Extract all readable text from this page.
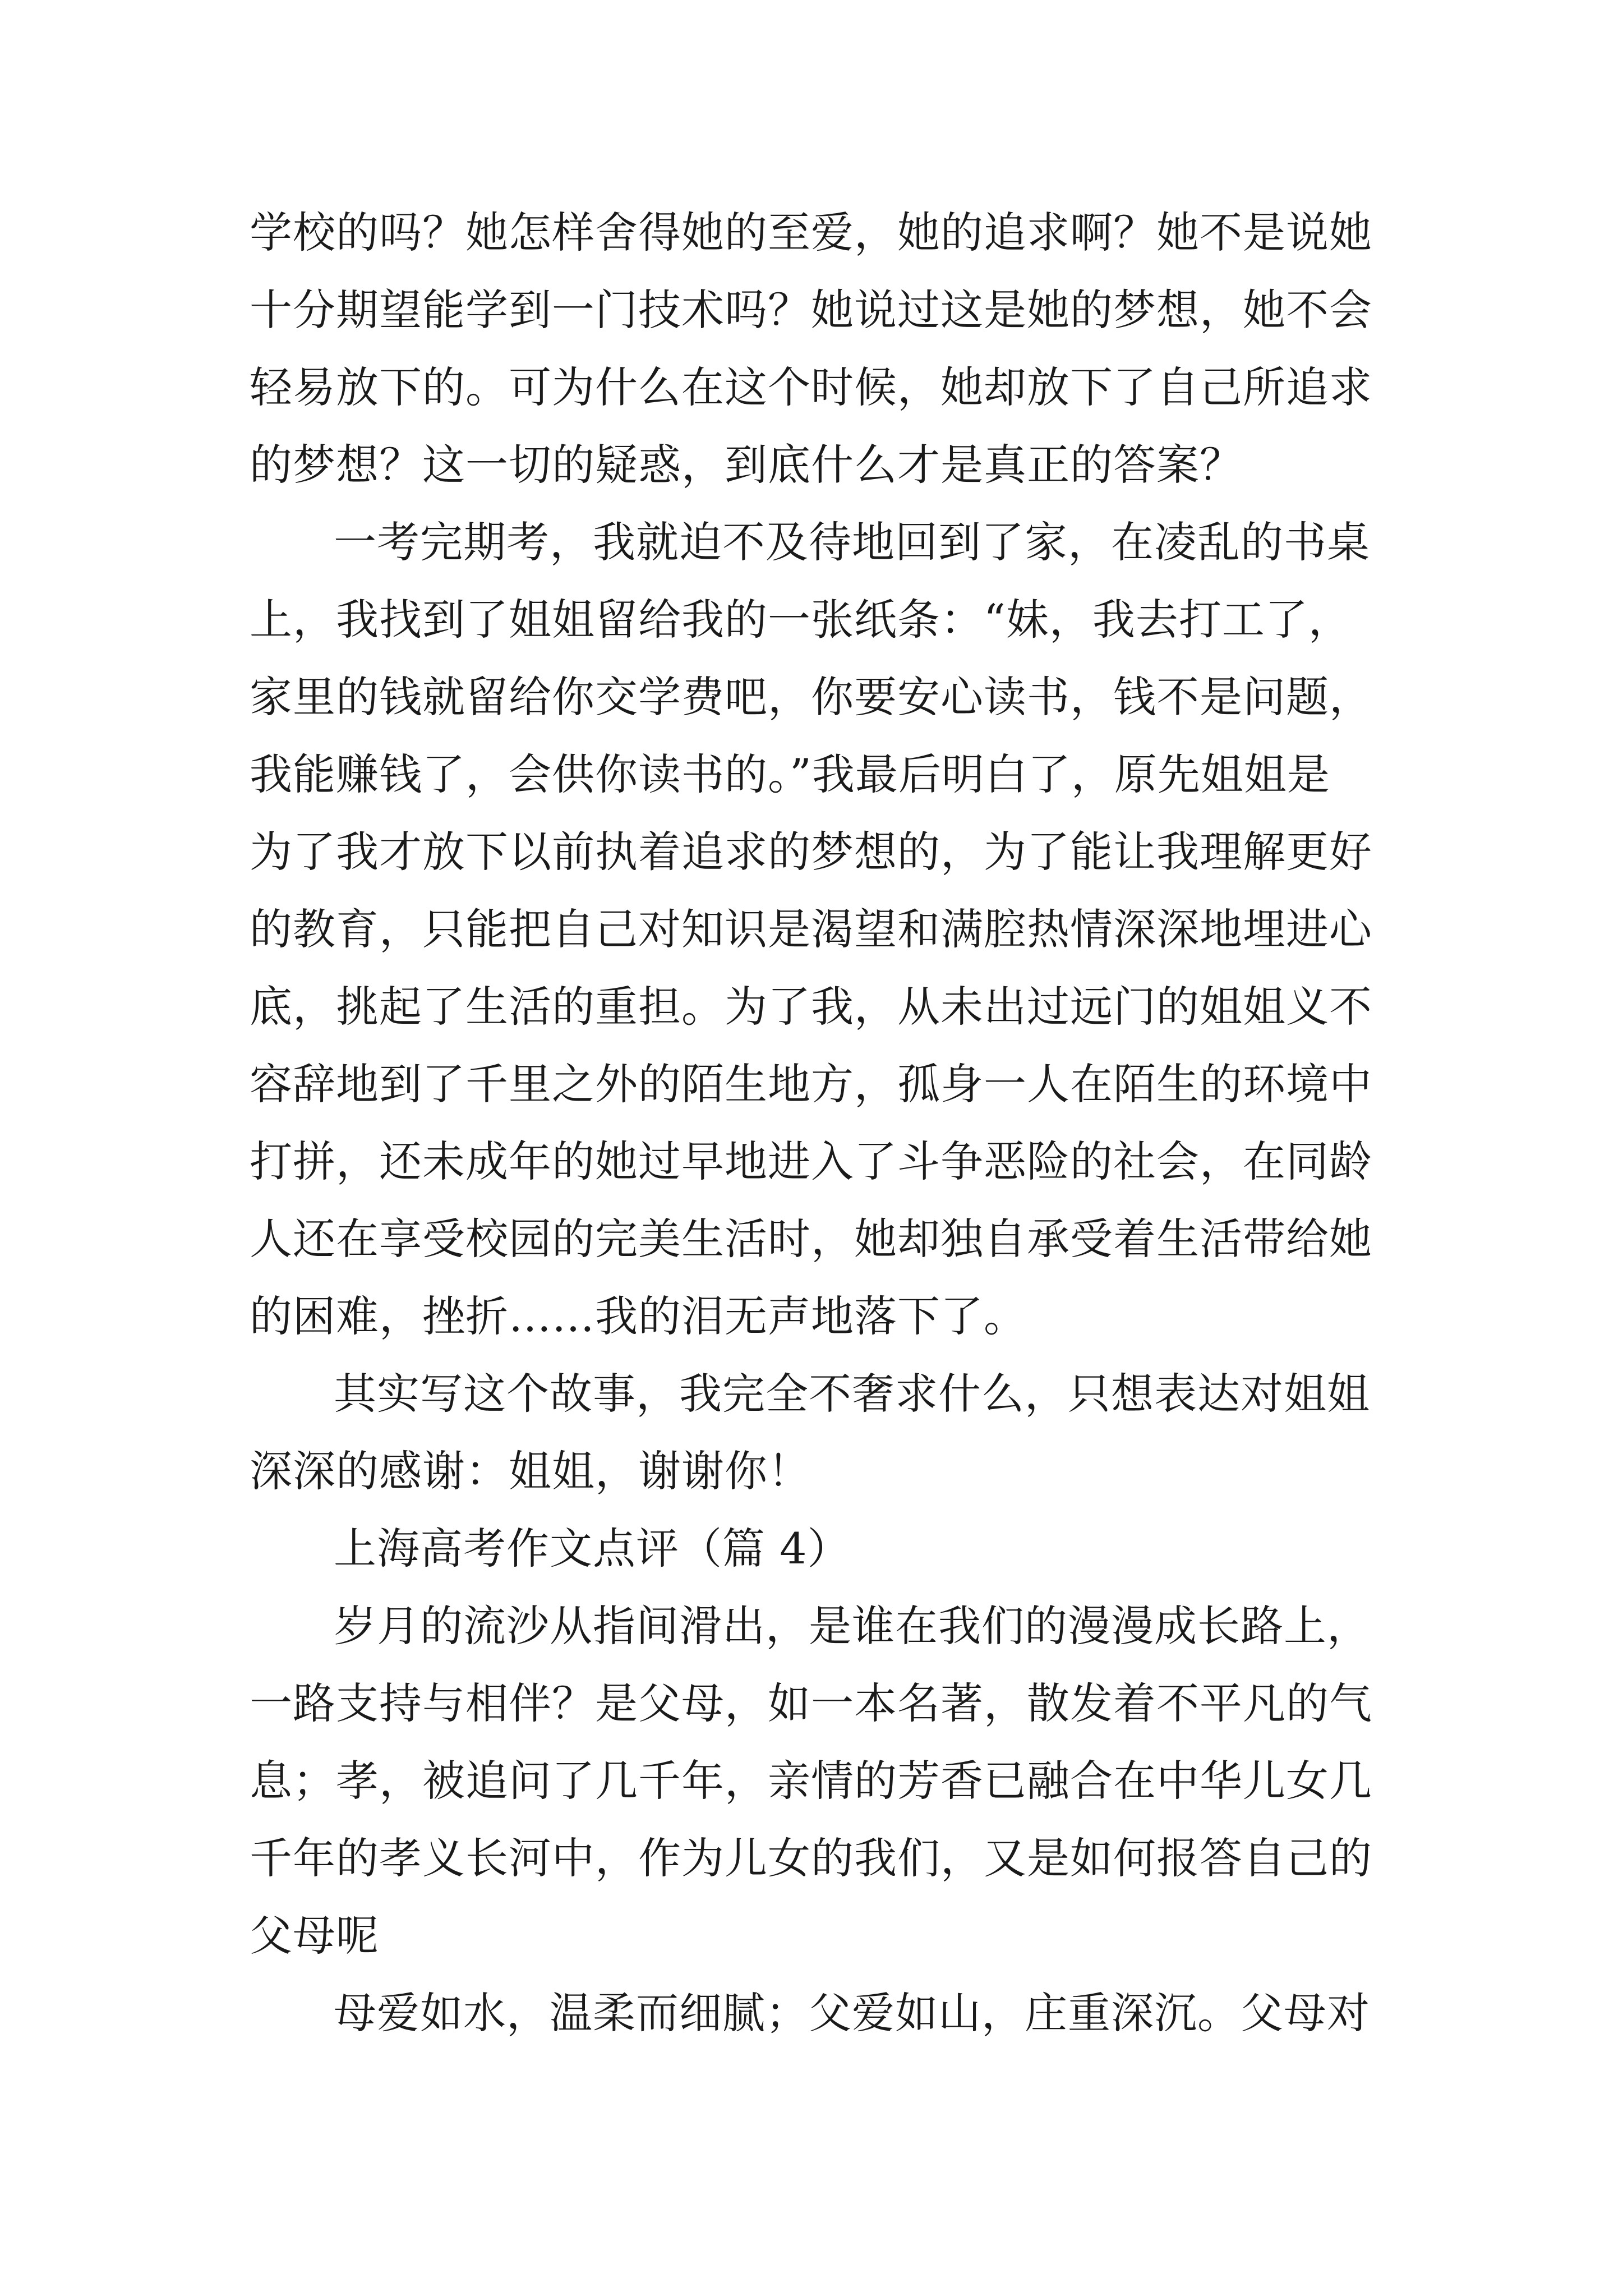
学校的吗？她怎样舍得她的至爱，她的追求啊？她不是说她
十分期望能学到一门技术吗？她说过这是她的梦想，她不会
轻易放下的。可为什么在这个时候，她却放下了自己所追求
的梦想？这一切的疑惑，到底什么才是真正的答案？
一考完期考，我就迫不及待地回到了家，在凌乱的书桌
上，我找到了姐姐留给我的一张纸条：“妹，我去打工了，
家里的钱就留给你交学费吧，你要安心读书，钱不是问题，
我能赚钱了，会供你读书的。”我最后明白了，原先姐姐是
为了我才放下以前执着追求的梦想的，为了能让我理解更好
的教育，只能把自己对知识是渴望和满腔热情深深地埋进心
底，挑起了生活的重担。为了我，从未出过远门的姐姐义不
容辞地到了千里之外的陌生地方，孤身一人在陌生的环境中
打拼，还未成年的她过早地进入了斗争恶险的社会，在同龄
人还在享受校园的完美生活时，她却独自承受着生活带给她
的困难，挫折……我的泪无声地落下了。
其实写这个故事，我完全不奢求什么，只想表达对姐姐
深深的感谢：姐姐，谢谢你！
上海高考作文点评（篇 4）
岁月的流沙从指间滑出，是谁在我们的漫漫成长路上，
一路支持与相伴？是父母，如一本名著，散发着不平凡的气
息；孝，被追问了几千年，亲情的芳香已融合在中华儿女几
千年的孝义长河中，作为儿女的我们，又是如何报答自己的
父母呢
母爱如水，温柔而细腻；父爱如山，庄重深沉。父母对
